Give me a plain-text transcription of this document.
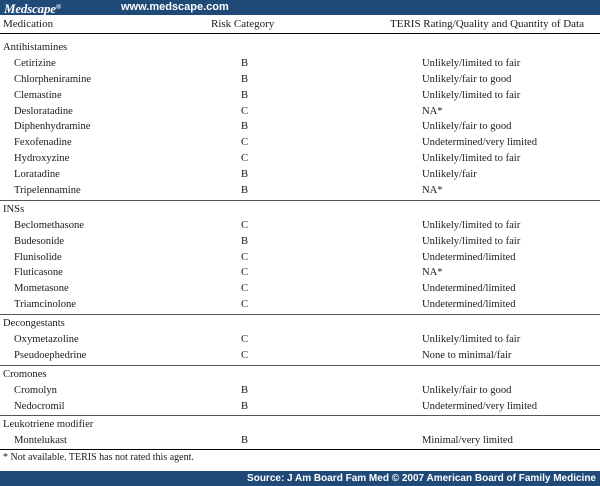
Medscape®	www.medscape.com
Medication	Risk Category	TERIS Rating/Quality and Quantity of Data
Antihistamines
Cetirizine	B	Unlikely/limited to fair
Chlorpheniramine	B	Unlikely/fair to good
Clemastine	B	Unlikely/limited to fair
Desloratadine	C	NA*
Diphenhydramine	B	Unlikely/fair to good
Fexofenadine	C	Undetermined/very limited
Hydroxyzine	C	Unlikely/limited to fair
Loratadine	B	Unlikely/fair
Tripelennamine	B	NA*
INSs
Beclomethasone	C	Unlikely/limited to fair
Budesonide	B	Unlikely/limited to fair
Flunisolide	C	Undetermined/limited
Fluticasone	C	NA*
Mometasone	C	Undetermined/limited
Triamcinolone	C	Undetermined/limited
Decongestants
Oxymetazoline	C	Unlikely/limited to fair
Pseudoephedrine	C	None to minimal/fair
Cromones
Cromolyn	B	Unlikely/fair to good
Nedocromil	B	Undetermined/very limited
Leukotriene modifier
Montelukast	B	Minimal/very limited
* Not available. TERIS has not rated this agent.
Source: J Am Board Fam Med © 2007 American Board of Family Medicine
